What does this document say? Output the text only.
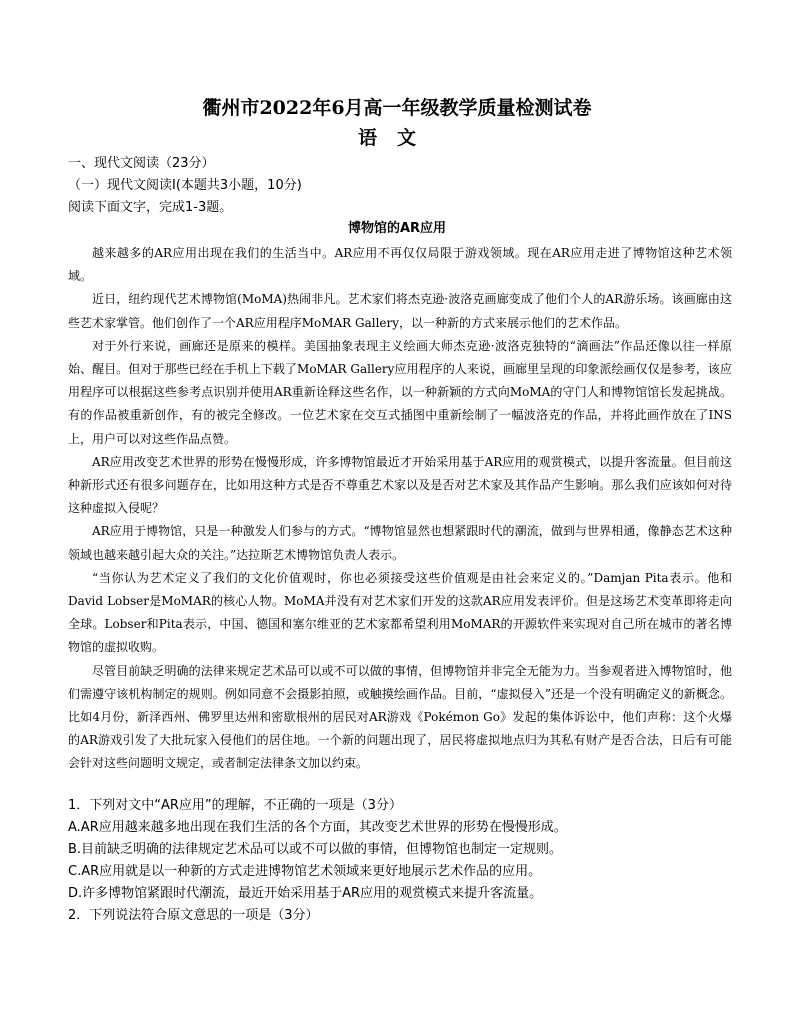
衢州市2022年6月高一年级教学质量检测试卷
语文
一、现代文阅读（23分）
（一）现代文阅读Ⅰ(本题共3小题，10分)
阅读下面文字，完成1-3题。
博物馆的AR应用

越来越多的AR应用出现在我们的生活当中。AR应用不再仅仅局限于游戏领域。现在AR应用走进了博物馆这种艺术领域。

近日，纽约现代艺术博物馆(MoMA)热闹非凡。艺术家们将杰克逊·波洛克画廊变成了他们个人的AR游乐场。该画廊由这些艺术家掌管。他们创作了一个AR应用程序MoMAR Gallery，以一种新的方式来展示他们的艺术作品。

对于外行来说，画廊还是原来的模样。美国抽象表现主义绘画大师杰克逊·波洛克独特的“滴画法”作品还像以往一样原始、醒目。但对于那些已经在手机上下载了MoMAR Gallery应用程序的人来说，画廊里呈现的印象派绘画仅仅是参考，该应用程序可以根据这些参考点识别并使用AR重新诠释这些名作，以一种新颖的方式向MoMA的守门人和博物馆馆长发起挑战。有的作品被重新创作，有的被完全修改。一位艺术家在交互式插图中重新绘制了一幅波洛克的作品，并将此画作放在了INS上，用户可以对这些作品点赞。

AR应用改变艺术世界的形势在慢慢形成，许多博物馆最近才开始采用基于AR应用的观赏模式，以提升客流量。但目前这种新形式还有很多问题存在，比如用这种方式是否不尊重艺术家以及是否对艺术家及其作品产生影响。那么我们应该如何对待这种虚拟入侵呢？

AR应用于博物馆，只是一种激发人们参与的方式。“博物馆显然也想紧跟时代的潮流，做到与世界相通，像静态艺术这种领域也越来越引起大众的关注。”达拉斯艺术博物馆负责人表示。

“当你认为艺术定义了我们的文化价值观时，你也必须接受这些价值观是由社会来定义的。”Damjan Pita表示。他和David Lobser是MoMAR的核心人物。MoMA并没有对艺术家们开发的这款AR应用发表评价。但是这场艺术变革即将走向全球。Lobser和Pita表示，中国、德国和塞尔维亚的艺术家都希望利用MoMAR的开源软件来实现对自己所在城市的著名博物馆的虚拟收购。

尽管目前缺乏明确的法律来规定艺术品可以或不可以做的事情，但博物馆并非完全无能为力。当参观者进入博物馆时，他们需遵守该机构制定的规则。例如同意不会摄影拍照，或触摸绘画作品。目前，“虚拟侵入”还是一个没有明确定义的新概念。比如4月份，新泽西州、佛罗里达州和密歇根州的居民对AR游戏《Pokémon Go》发起的集体诉讼中，他们声称：这个火爆的AR游戏引发了大批玩家入侵他们的居住地。一个新的问题出现了，居民将虚拟地点归为其私有财产是否合法，日后有可能会针对这些问题明文规定，或者制定法律条文加以约束。

1．下列对文中“AR应用”的理解，不正确的一项是（3分）
A.AR应用越来越多地出现在我们生活的各个方面，其改变艺术世界的形势在慢慢形成。
B.目前缺乏明确的法律规定艺术品可以或不可以做的事情，但博物馆也制定一定规则。
C.AR应用就是以一种新的方式走进博物馆艺术领域来更好地展示艺术作品的应用。
D.许多博物馆紧跟时代潮流，最近开始采用基于AR应用的观赏模式来提升客流量。
2．下列说法符合原文意思的一项是（3分）
